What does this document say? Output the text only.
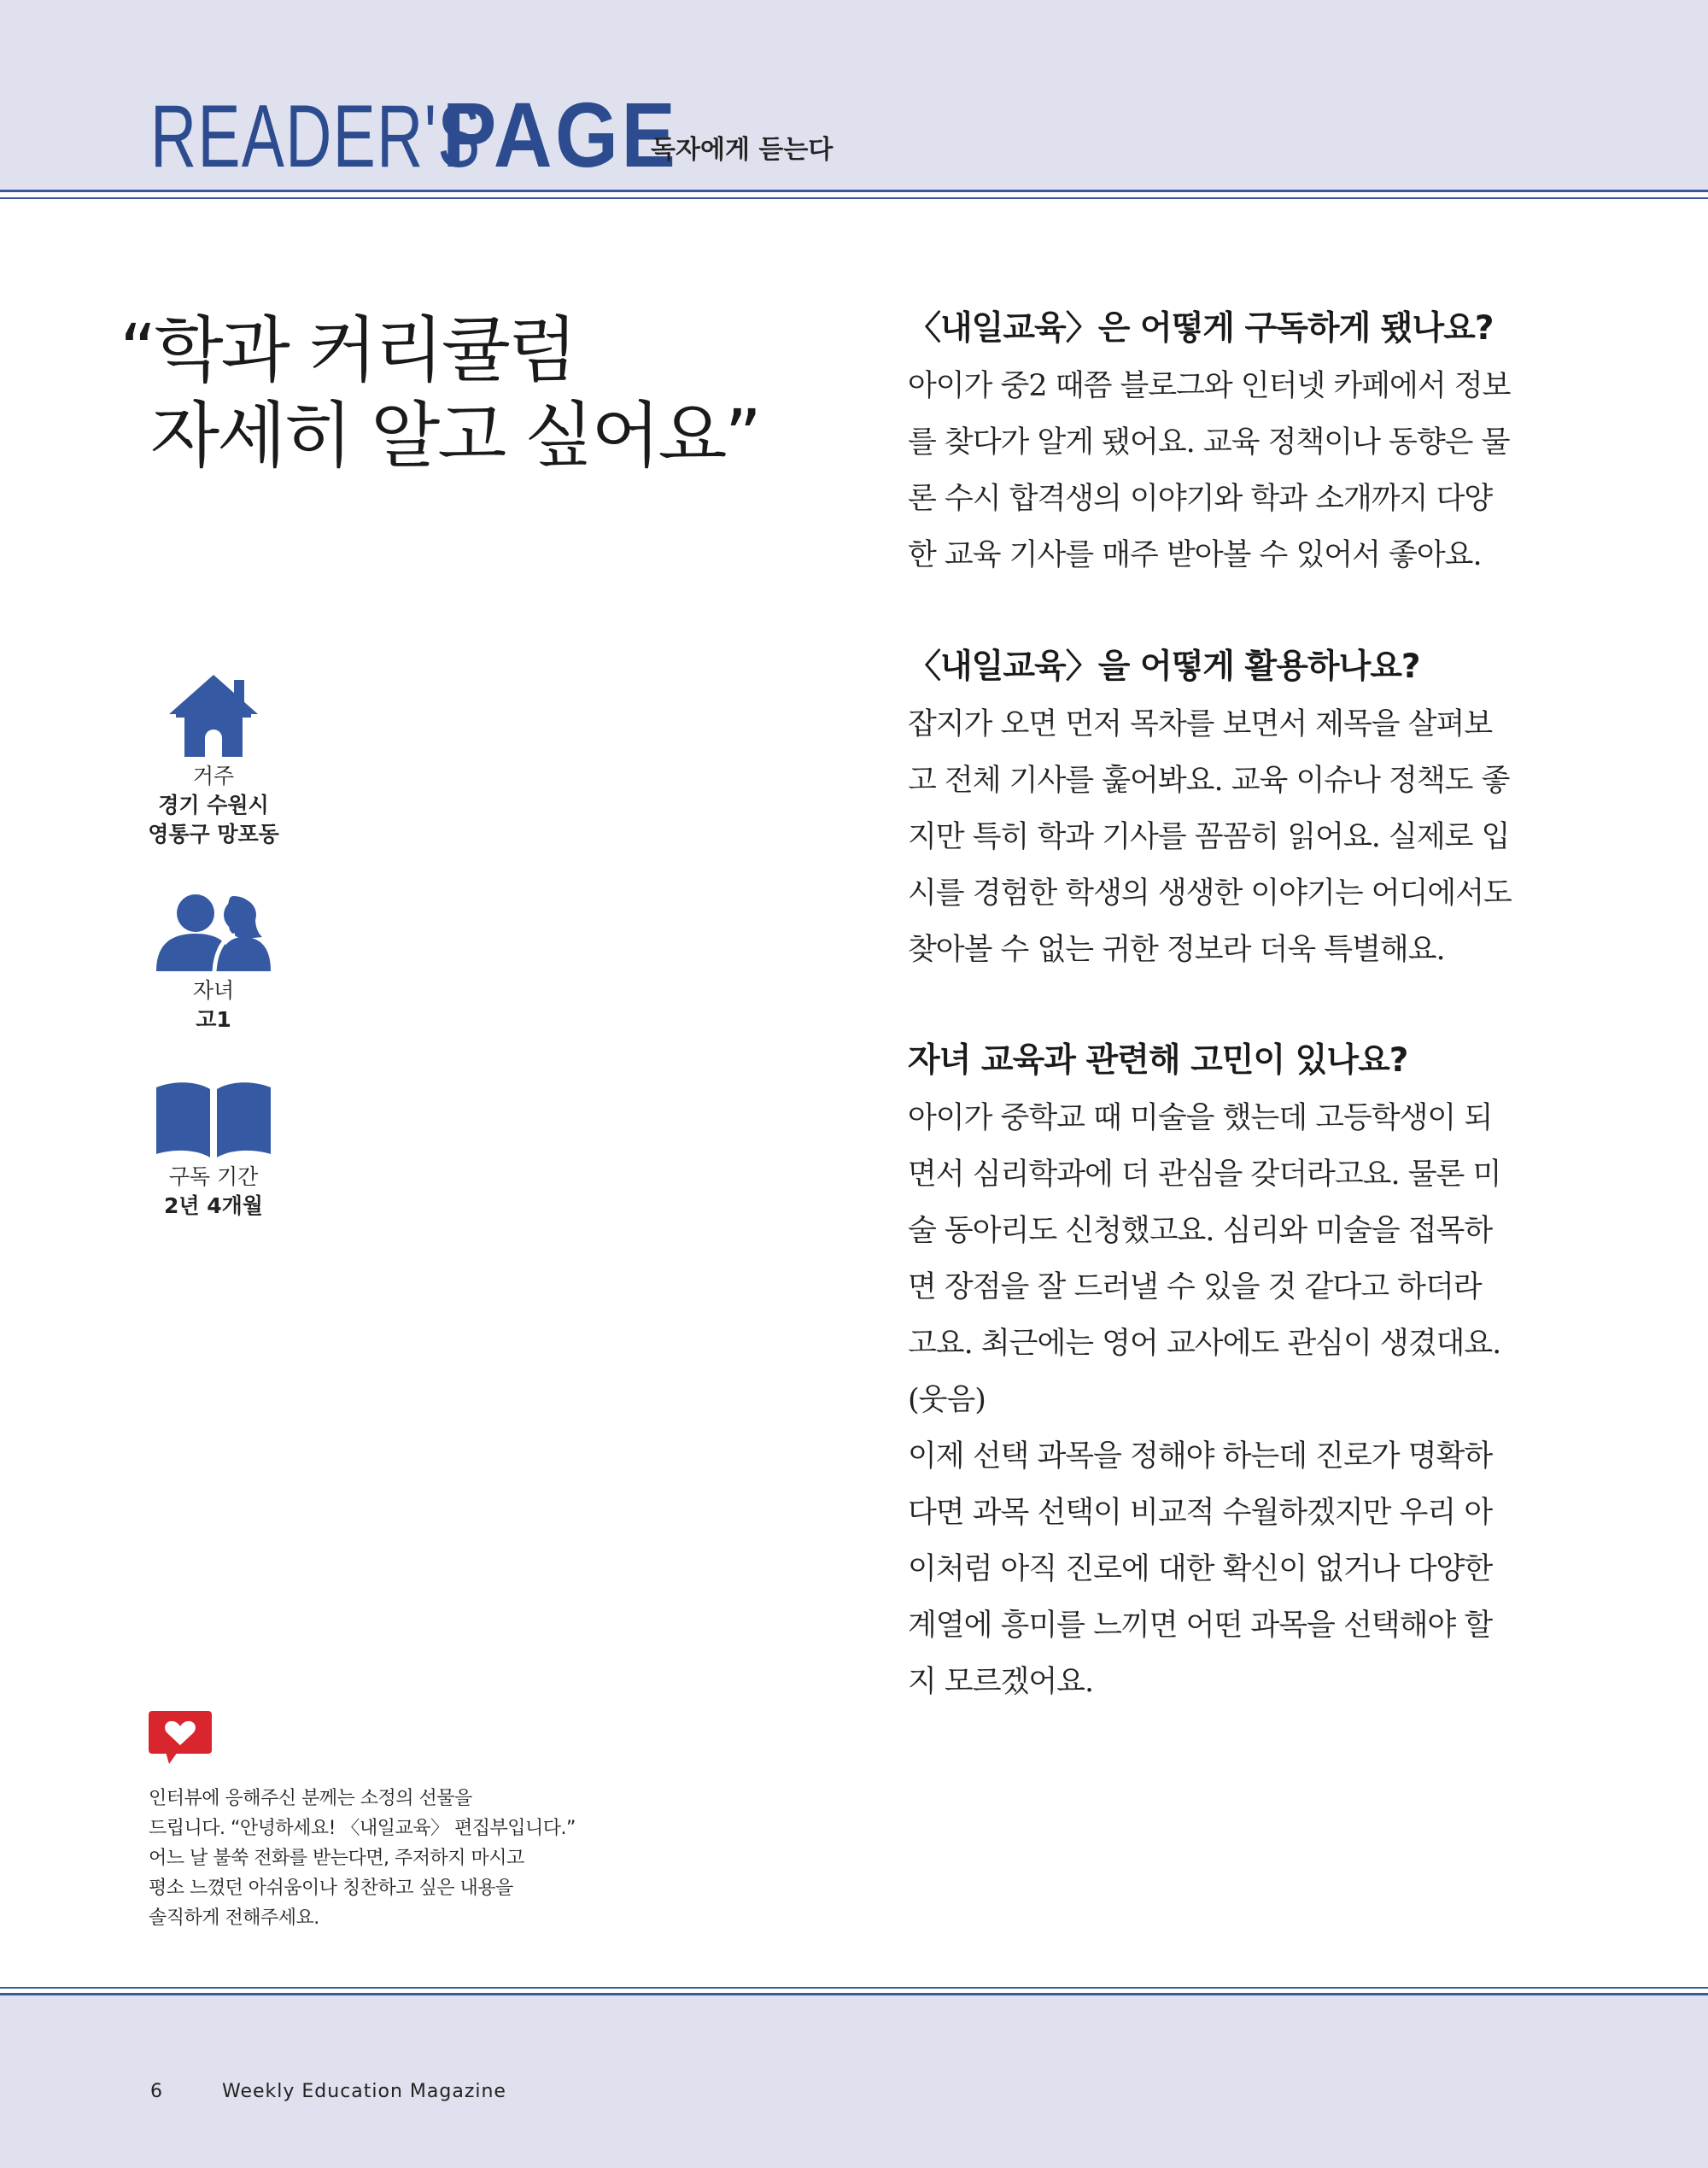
READER'S
PAGE
독자에게 듣는다
“학과 커리큘럼
자세히 알고 싶어요”
거주
경기 수원시
영통구 망포동
자녀
고1
구독 기간
2년 4개월

〈내일교육〉은 어떻게 구독하게 됐나요?

아이가 중2 때쯤 블로그와 인터넷 카페에서 정보
를 찾다가 알게 됐어요. 교육 정책이나 동향은 물
론 수시 합격생의 이야기와 학과 소개까지 다양
한 교육 기사를 매주 받아볼 수 있어서 좋아요.

〈내일교육〉을 어떻게 활용하나요?

잡지가 오면 먼저 목차를 보면서 제목을 살펴보
고 전체 기사를 훑어봐요. 교육 이슈나 정책도 좋
지만 특히 학과 기사를 꼼꼼히 읽어요. 실제로 입
시를 경험한 학생의 생생한 이야기는 어디에서도
찾아볼 수 없는 귀한 정보라 더욱 특별해요.

자녀 교육과 관련해 고민이 있나요?

아이가 중학교 때 미술을 했는데 고등학생이 되
면서 심리학과에 더 관심을 갖더라고요. 물론 미
술 동아리도 신청했고요. 심리와 미술을 접목하
면 장점을 잘 드러낼 수 있을 것 같다고 하더라
고요. 최근에는 영어 교사에도 관심이 생겼대요.
(웃음)
이제 선택 과목을 정해야 하는데 진로가 명확하
다면 과목 선택이 비교적 수월하겠지만 우리 아
이처럼 아직 진로에 대한 확신이 없거나 다양한
계열에 흥미를 느끼면 어떤 과목을 선택해야 할
지 모르겠어요.

인터뷰에 응해주신 분께는 소정의 선물을
드립니다. “안녕하세요! 〈내일교육〉 편집부입니다.”
어느 날 불쑥 전화를 받는다면, 주저하지 마시고
평소 느꼈던 아쉬움이나 칭찬하고 싶은 내용을
솔직하게 전해주세요.
6	Weekly Education Magazine
